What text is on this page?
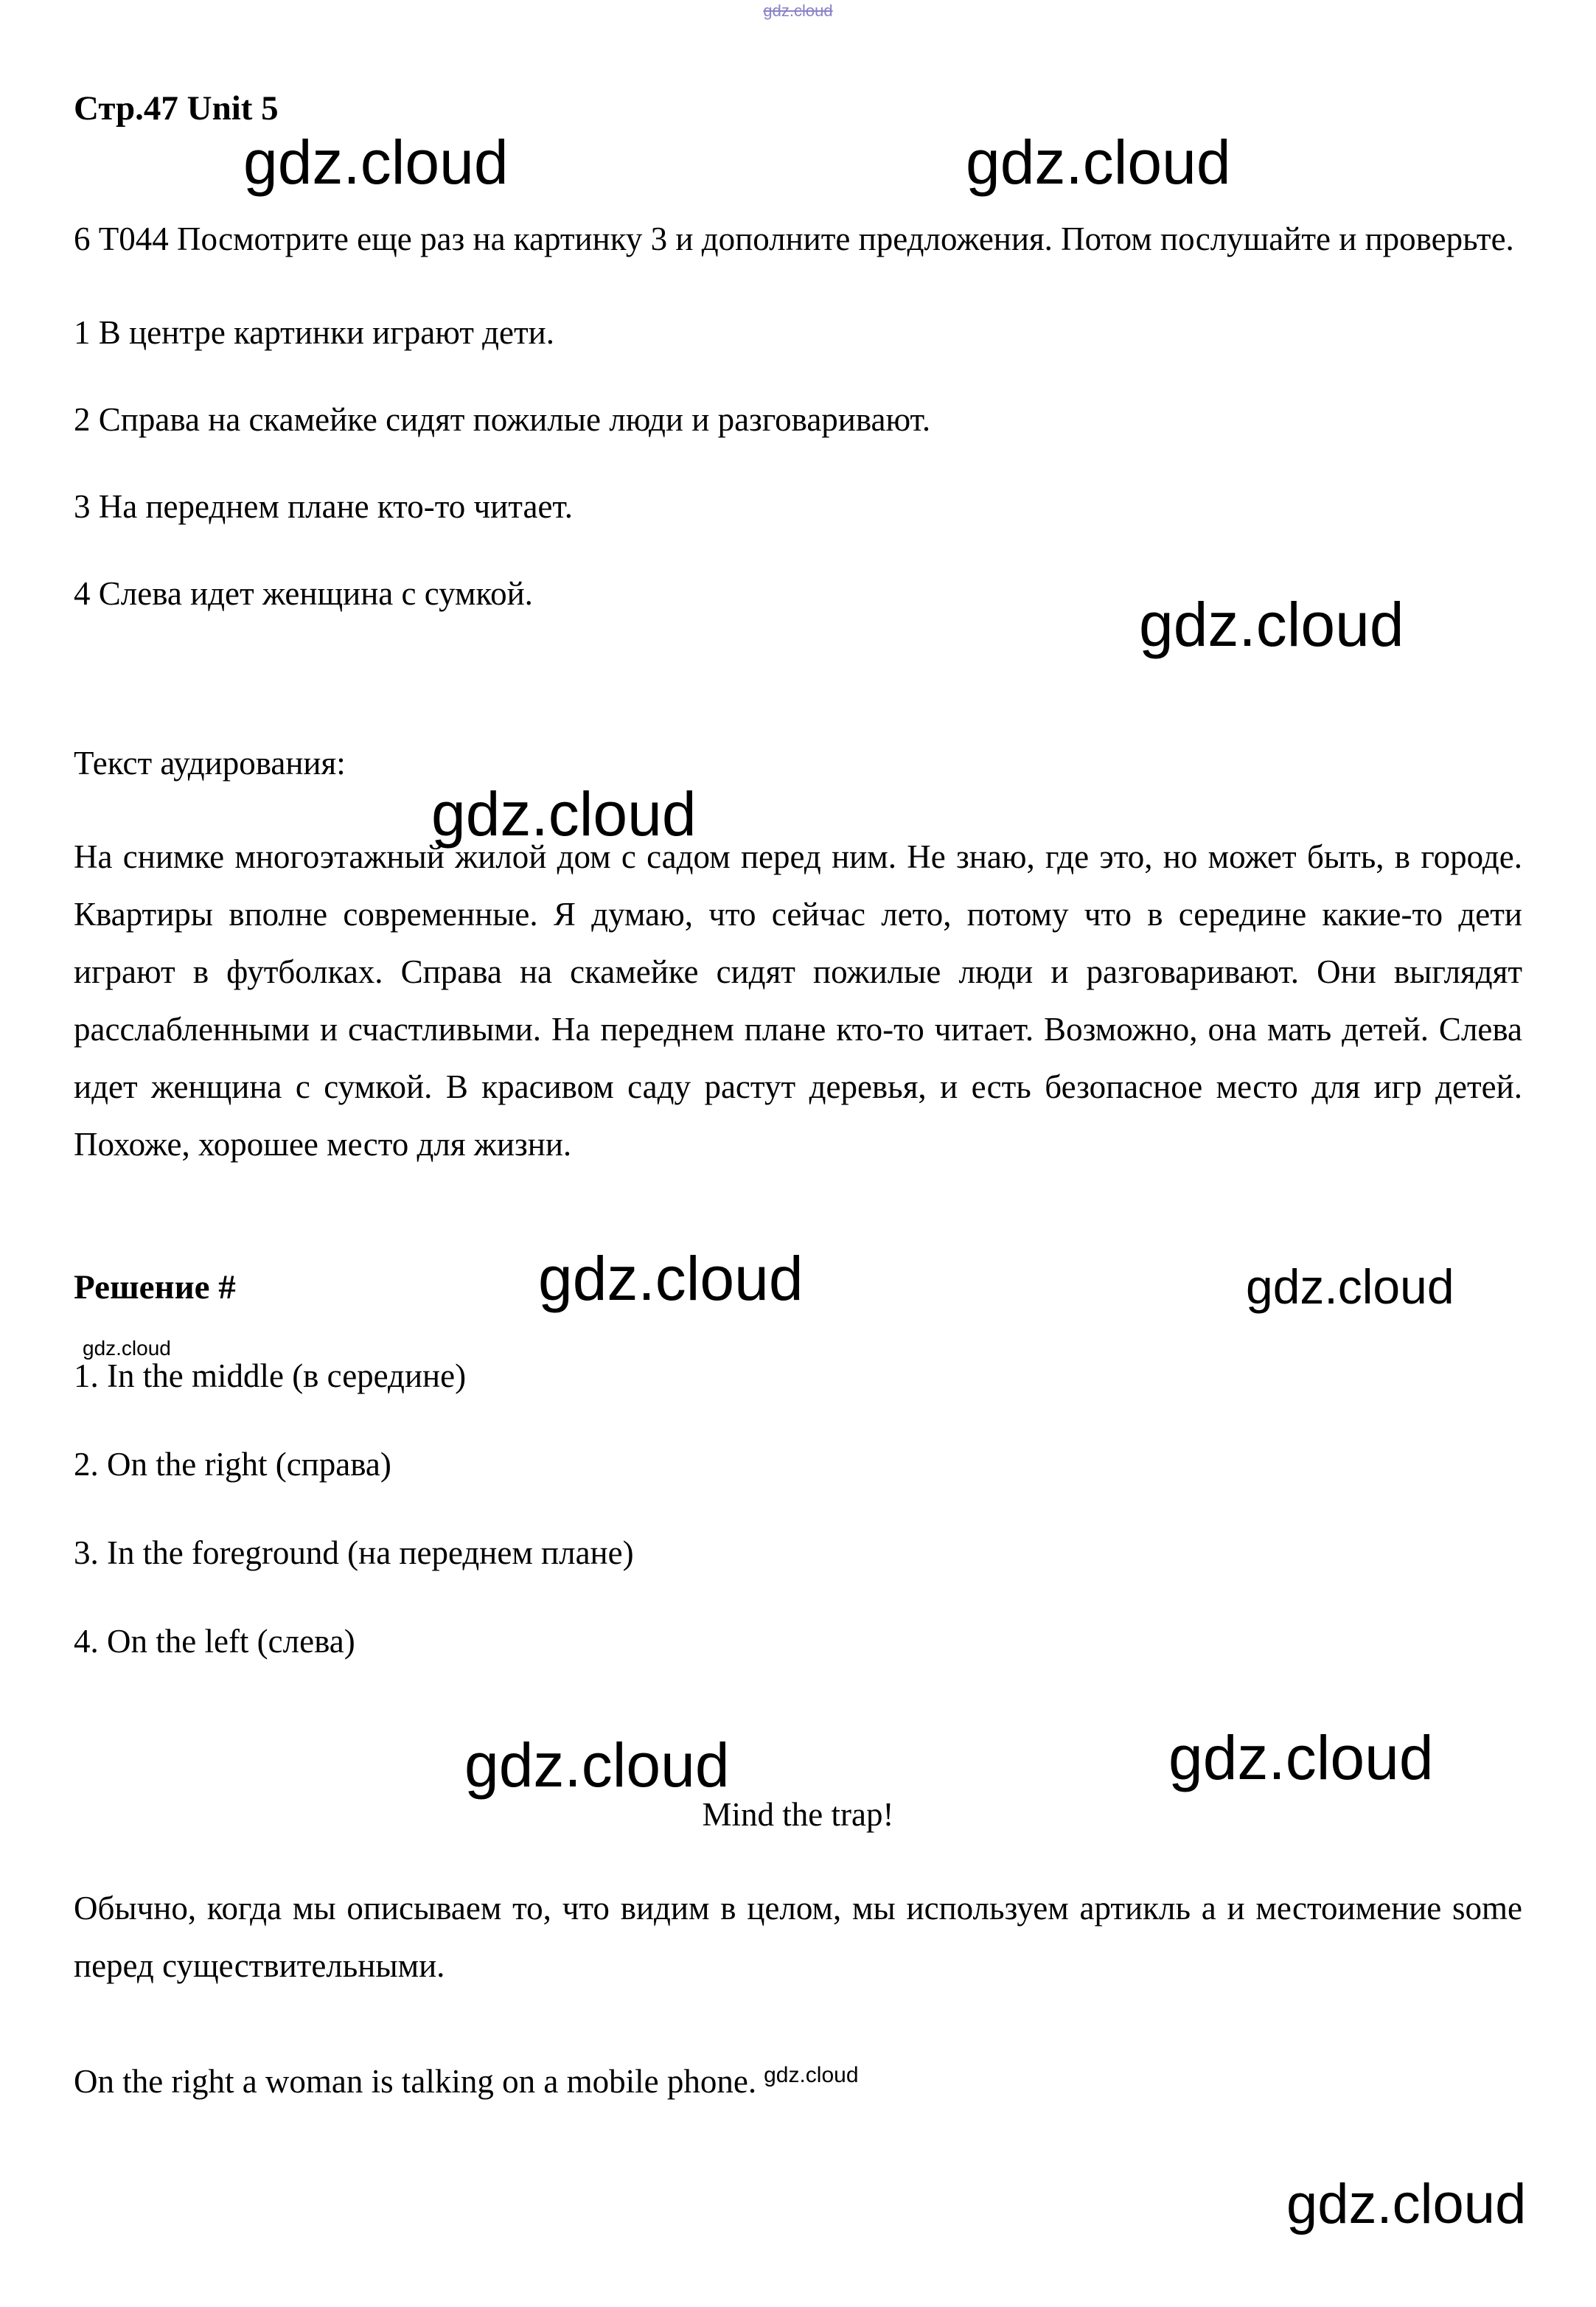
gdz.cloud
gdz.cloud	gdz.cloud
gdz.cloud
gdz.cloud
gdz.cloud	gdz.cloud
gdz.cloud
gdz.cloud	gdz.cloud
gdz.cloud
Стр.47 Unit 5

6 Т044 Посмотрите еще раз на картинку 3 и дополните предложения. Потом послушайте и проверьте.

1 В центре картинки играют дети.

2 Справа на скамейке сидят пожилые люди и разговаривают.

3 На переднем плане кто-то читает.

4 Слева идет женщина с сумкой.

Текст аудирования:

На снимке многоэтажный жилой дом с садом перед ним. Не знаю, где это, но может быть, в городе. Квартиры вполне современные. Я думаю, что сейчас лето, потому что в середине какие-то дети играют в футболках. Справа на скамейке сидят пожилые люди и разговаривают. Они выглядят расслабленными и счастливыми. На переднем плане кто-то читает. Возможно, она мать детей. Слева идет женщина с сумкой. В красивом саду растут деревья, и есть безопасное место для игр детей. Похоже, хорошее место для жизни.

Решение #

1. In the middle (в середине)

2. On the right (справа)

3. In the foreground (на переднем плане)

4. On the left (слева)

Mind the trap!

Обычно, когда мы описываем то, что видим в целом, мы используем артикль a и местоимение some перед существительными.

On the right a woman is talking on a mobile phone. $^{gdz.cloud}$
